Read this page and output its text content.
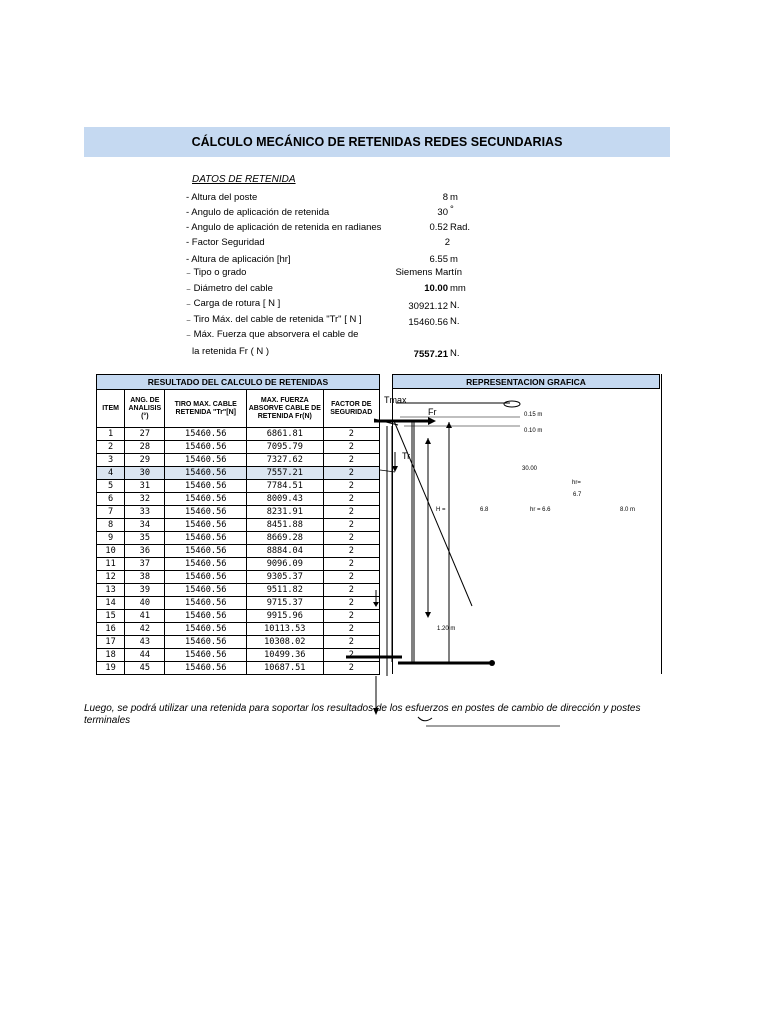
CÁLCULO MECÁNICO DE RETENIDAS REDES SECUNDARIAS
DATOS DE RETENIDA
- Altura del poste	8 m
- Angulo de aplicación de retenida	30 °
- Angulo de aplicación de retenida en radianes	0.52 Rad.
- Factor Seguridad	2
- Altura de aplicación [hr]	6.55 m
₋ Tipo o grado	Siemens Martín
₋ Diámetro del cable	10.00 mm
₋ Carga de rotura [ N ]	30921.12 N.
₋ Tiro Máx. del cable de retenida "Tr" [ N ]	15460.56 N.
₋ Máx. Fuerza que absorvera el cable de
la retenida Fr ( N )	7557.21 N.
RESULTADO DEL CALCULO DE RETENIDAS				
ITEM	ANG. DE ANALISIS (°)	TIRO MAX. CABLE RETENIDA "Tr"[N]	MAX. FUERZA ABSORVE CABLE DE RETENIDA Fr(N)	FACTOR DE SEGURIDAD
1	27	15460.56	6861.81	2
2	28	15460.56	7095.79	2
3	29	15460.56	7327.62	2
4	30	15460.56	7557.21	2
5	31	15460.56	7784.51	2
6	32	15460.56	8009.43	2
7	33	15460.56	8231.91	2
8	34	15460.56	8451.88	2
9	35	15460.56	8669.28	2
10	36	15460.56	8884.04	2
11	37	15460.56	9096.09	2
12	38	15460.56	9305.37	2
13	39	15460.56	9511.82	2
14	40	15460.56	9715.37	2
15	41	15460.56	9915.96	2
16	42	15460.56	10113.53	2
17	43	15460.56	10308.02	2
18	44	15460.56	10499.36	2
19	45	15460.56	10687.51	2
REPRESENTACION GRAFICA
Tmax
Fr
Tr
0.15 m
0.10 m
30.00
hr=
6.7
H =	6.8	hr = 6.6	8.0 m
1.20 m
Luego, se podrá utilizar una retenida para soportar los resultados de los esfuerzos en postes de cambio de dirección y postes terminales
